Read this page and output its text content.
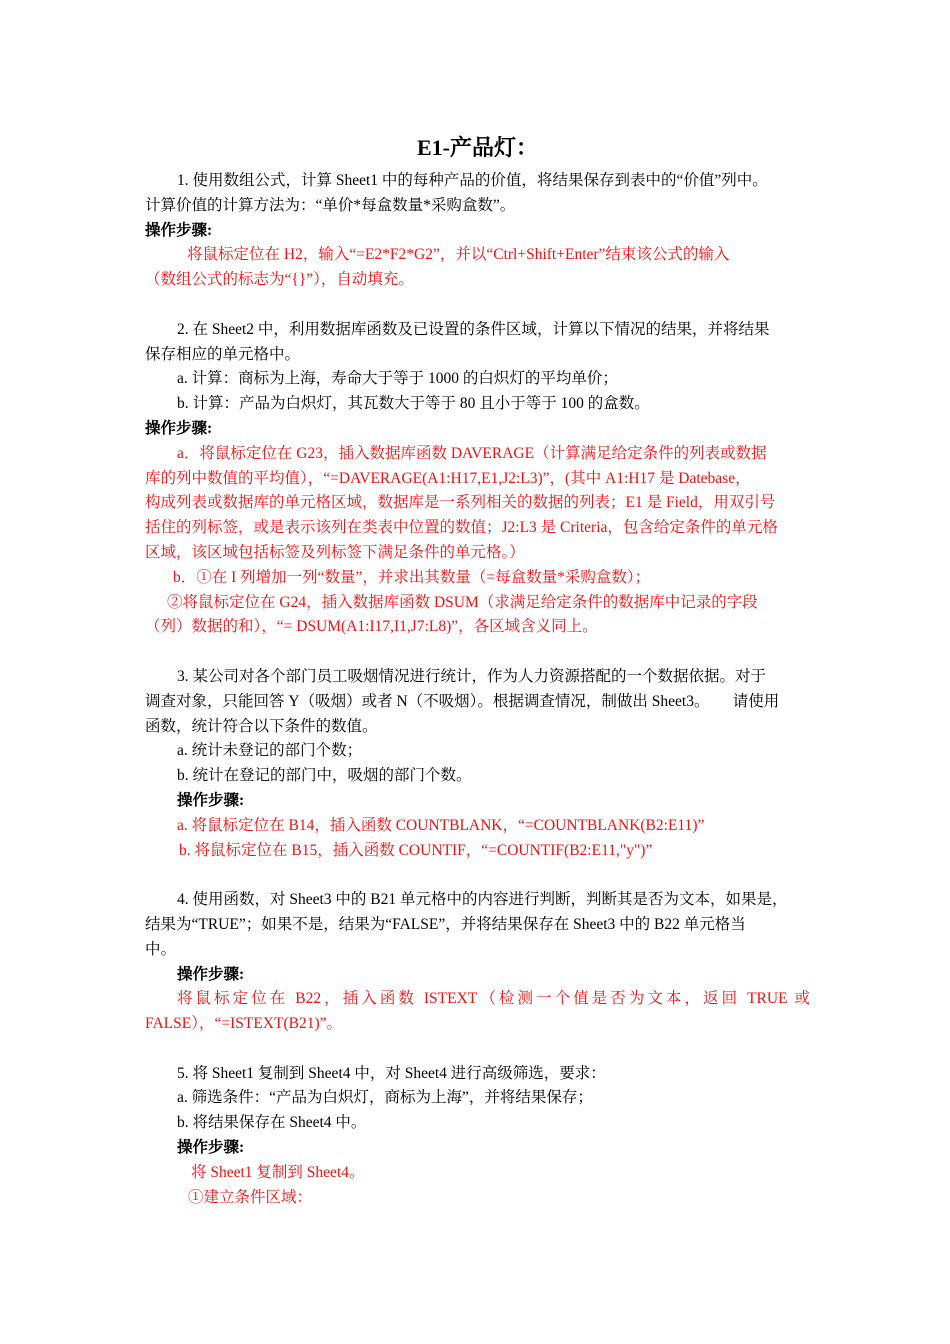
E1-产品灯：
1. 使用数组公式，计算 Sheet1 中的每种产品的价值，将结果保存到表中的“价值”列中。
计算价值的计算方法为：“单价*每盒数量*采购盒数”。
操作步骤:
将鼠标定位在 H2，输入“=E2*F2*G2”，并以“Ctrl+Shift+Enter”结束该公式的输入
（数组公式的标志为“{}”），自动填充。
2. 在 Sheet2 中，利用数据库函数及已设置的条件区域，计算以下情况的结果，并将结果
保存相应的单元格中。
a. 计算：商标为上海，寿命大于等于 1000 的白炽灯的平均单价；
b. 计算：产品为白炽灯，其瓦数大于等于 80 且小于等于 100 的盒数。
操作步骤:
a．将鼠标定位在 G23，插入数据库函数 DAVERAGE（计算满足给定条件的列表或数据
库的列中数值的平均值），“=DAVERAGE(A1:H17,E1,J2:L3)”，(其中 A1:H17 是 Datebase，
构成列表或数据库的单元格区域，数据库是一系列相关的数据的列表；E1 是 Field，用双引号
括住的列标签，或是表示该列在类表中位置的数值；J2:L3 是 Criteria，包含给定条件的单元格
区域，该区域包括标签及列标签下满足条件的单元格。）
b．①在 I 列增加一列“数量”，并求出其数量（=每盒数量*采购盒数）；
②将鼠标定位在 G24，插入数据库函数 DSUM（求满足给定条件的数据库中记录的字段
（列）数据的和），“= DSUM(A1:I17,I1,J7:L8)”，各区域含义同上。
3. 某公司对各个部门员工吸烟情况进行统计，作为人力资源搭配的一个数据依据。对于
调查对象，只能回答 Y（吸烟）或者 N（不吸烟）。根据调查情况，制做出 Sheet3。　　请使用
函数，统计符合以下条件的数值。
a. 统计未登记的部门个数；
b. 统计在登记的部门中，吸烟的部门个数。
操作步骤:
a. 将鼠标定位在 B14，插入函数 COUNTBLANK，“=COUNTBLANK(B2:E11)”
b. 将鼠标定位在 B15，插入函数 COUNTIF，“=COUNTIF(B2:E11,"y")”
4. 使用函数，对 Sheet3 中的 B21 单元格中的内容进行判断，判断其是否为文本，如果是，
结果为“TRUE”；如果不是，结果为“FALSE”，并将结果保存在 Sheet3 中的 B22 单元格当
中。
操作步骤:
将鼠标定位在 B22，插入函数 ISTEXT（检测一个值是否为文本，返回 TRUE 或
FALSE），“=ISTEXT(B21)”。
5. 将 Sheet1 复制到 Sheet4 中，对 Sheet4 进行高级筛选，要求：
a. 筛选条件：“产品为白炽灯，商标为上海”，并将结果保存；
b. 将结果保存在 Sheet4 中。
操作步骤:
将 Sheet1 复制到 Sheet4。
①建立条件区域：
